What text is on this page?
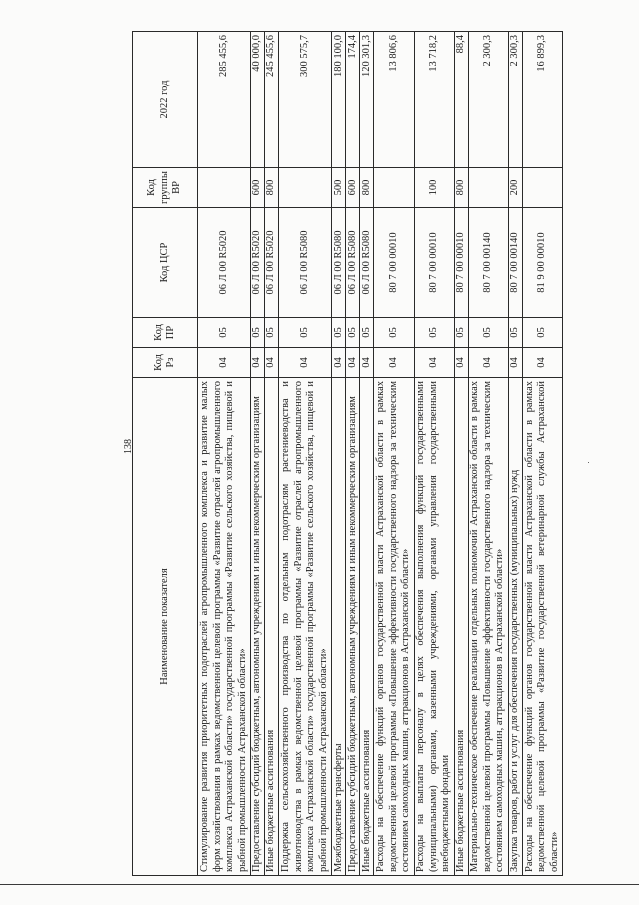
138
Наименование показателя	Код Рз	Код ПР	Код ЦСР	Код группы ВР	2022 год
Стимулирование развития приоритетных подотраслей агропромышленного комплекса и развитие малых форм хозяйствования в рамках ведомственной целевой программы «Развитие отраслей агропромышленного комплекса Астраханской области» государственной программы «Развитие сельского хозяйства, пищевой и рыбной промышленности Астраханской области»	04	05	06 Л 00 R5020		285 455,6
Предоставление субсидий бюджетным, автономным учреждениям и иным некоммерческим организациям	04	05	06 Л 00 R5020	600	40 000,0
Иные бюджетные ассигнования	04	05	06 Л 00 R5020	800	245 455,6
Поддержка сельскохозяйственного производства по отдельным подотраслям растениеводства и животноводства в рамках ведомственной целевой программы «Развитие отраслей агропромышленного комплекса Астраханской области» государственной программы «Развитие сельского хозяйства, пищевой и рыбной промышленности Астраханской области»	04	05	06 Л 00 R5080		300 575,7
Межбюджетные трансферты	04	05	06 Л 00 R5080	500	180 100,0
Предоставление субсидий бюджетным, автономным учреждениям и иным некоммерческим организациям	04	05	06 Л 00 R5080	600	174,4
Иные бюджетные ассигнования	04	05	06 Л 00 R5080	800	120 301,3
Расходы на обеспечение функций органов государственной власти Астраханской области в рамках ведомственной целевой программы «Повышение эффективности государственного надзора за техническим состоянием самоходных машин, аттракционов в Астраханской области»	04	05	80 7 00 00010		13 806,6
Расходы на выплаты персоналу в целях обеспечения выполнения функций государственными (муниципальными) органами, казенными учреждениями, органами управления государственными внебюджетными фондами	04	05	80 7 00 00010	100	13 718,2
Иные бюджетные ассигнования	04	05	80 7 00 00010	800	88,4
Материально-техническое обеспечение реализации отдельных полномочий Астраханской области в рамках ведомственной целевой программы «Повышение эффективности государственного надзора за техническим состоянием самоходных машин, аттракционов в Астраханской области»	04	05	80 7 00 00140		2 300,3
Закупка товаров, работ и услуг для обеспечения государственных (муниципальных) нужд	04	05	80 7 00 00140	200	2 300,3
Расходы на обеспечение функций органов государственной власти Астраханской области в рамках ведомственной целевой программы «Развитие государственной ветеринарной службы Астраханской области»	04	05	81 9 00 00010		16 899,3
